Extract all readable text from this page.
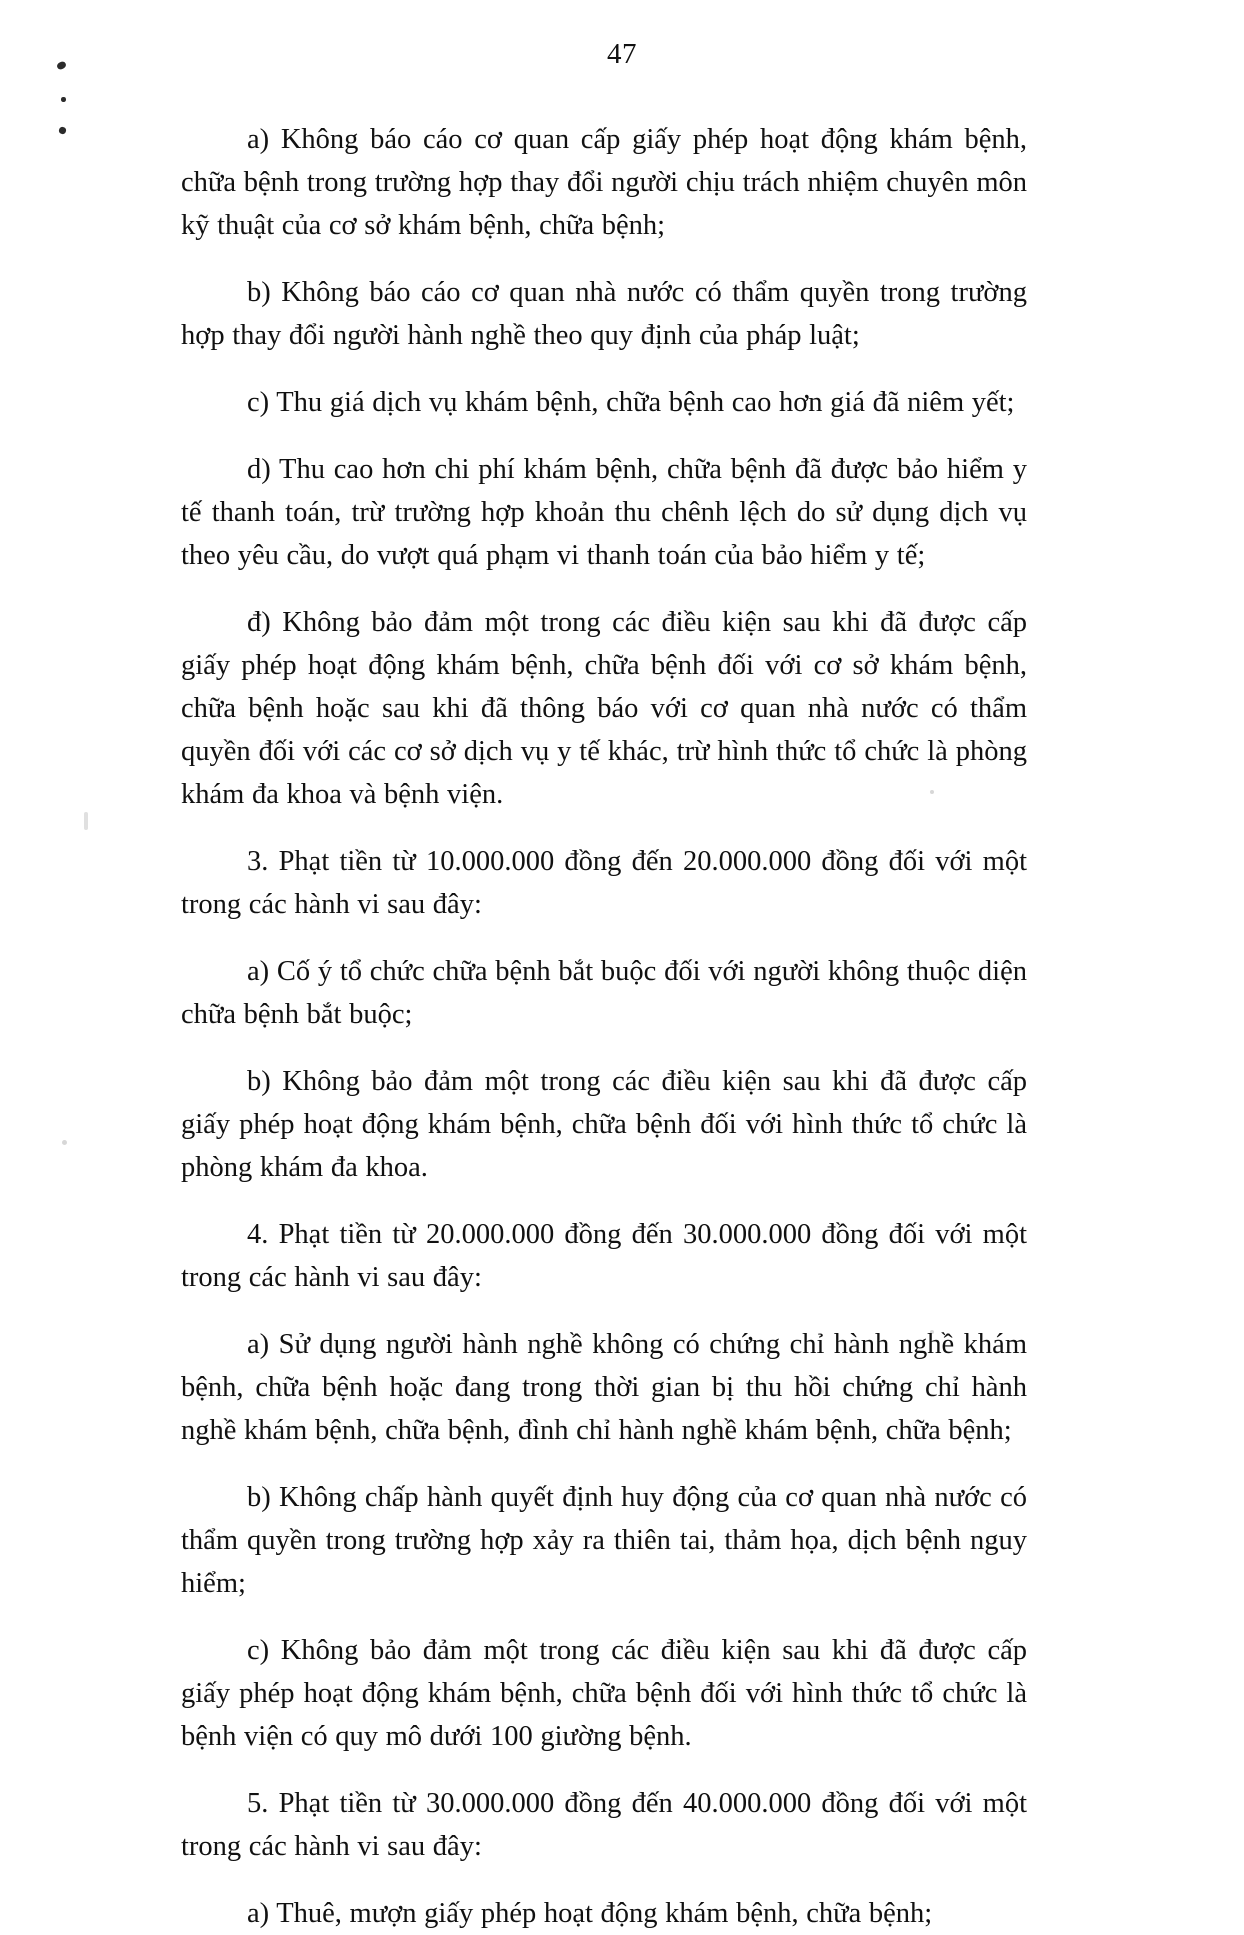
47

a) Không báo cáo cơ quan cấp giấy phép hoạt động khám bệnh, chữa bệnh trong trường hợp thay đổi người chịu trách nhiệm chuyên môn kỹ thuật của cơ sở khám bệnh, chữa bệnh;

b) Không báo cáo cơ quan nhà nước có thẩm quyền trong trường hợp thay đổi người hành nghề theo quy định của pháp luật;

c) Thu giá dịch vụ khám bệnh, chữa bệnh cao hơn giá đã niêm yết;

d) Thu cao hơn chi phí khám bệnh, chữa bệnh đã được bảo hiểm y tế thanh toán, trừ trường hợp khoản thu chênh lệch do sử dụng dịch vụ theo yêu cầu, do vượt quá phạm vi thanh toán của bảo hiểm y tế;

đ) Không bảo đảm một trong các điều kiện sau khi đã được cấp giấy phép hoạt động khám bệnh, chữa bệnh đối với cơ sở khám bệnh, chữa bệnh hoặc sau khi đã thông báo với cơ quan nhà nước có thẩm quyền đối với các cơ sở dịch vụ y tế khác, trừ hình thức tổ chức là phòng khám đa khoa và bệnh viện.

3. Phạt tiền từ 10.000.000 đồng đến 20.000.000 đồng đối với một trong các hành vi sau đây:

a) Cố ý tổ chức chữa bệnh bắt buộc đối với người không thuộc diện chữa bệnh bắt buộc;

b) Không bảo đảm một trong các điều kiện sau khi đã được cấp giấy phép hoạt động khám bệnh, chữa bệnh đối với hình thức tổ chức là phòng khám đa khoa.

4. Phạt tiền từ 20.000.000 đồng đến 30.000.000 đồng đối với một trong các hành vi sau đây:

a) Sử dụng người hành nghề không có chứng chỉ hành nghề khám bệnh, chữa bệnh hoặc đang trong thời gian bị thu hồi chứng chỉ hành nghề khám bệnh, chữa bệnh, đình chỉ hành nghề khám bệnh, chữa bệnh;

b) Không chấp hành quyết định huy động của cơ quan nhà nước có thẩm quyền trong trường hợp xảy ra thiên tai, thảm họa, dịch bệnh nguy hiểm;

c) Không bảo đảm một trong các điều kiện sau khi đã được cấp giấy phép hoạt động khám bệnh, chữa bệnh đối với hình thức tổ chức là bệnh viện có quy mô dưới 100 giường bệnh.

5. Phạt tiền từ 30.000.000 đồng đến 40.000.000 đồng đối với một trong các hành vi sau đây:

a) Thuê, mượn giấy phép hoạt động khám bệnh, chữa bệnh;
